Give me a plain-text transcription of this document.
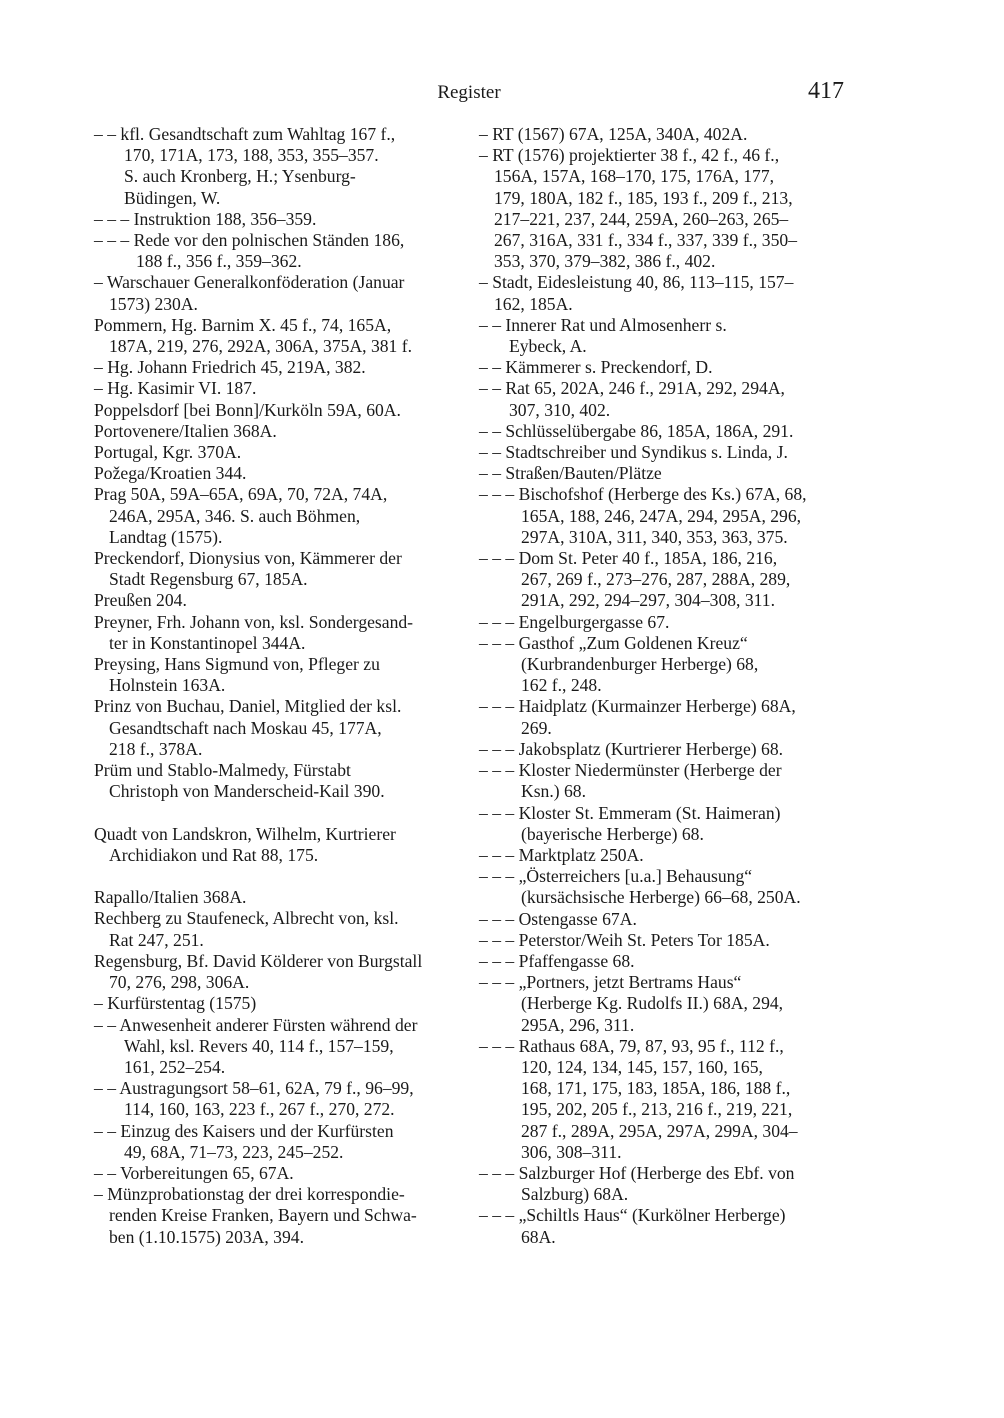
Register	417
– – kfl. Gesandtschaft zum Wahltag 167 f.,
170, 171A, 173, 188, 353, 355–357.
S. auch Kronberg, H.; Ysenburg-
Büdingen, W.
– – – Instruktion 188, 356–359.
– – – Rede vor den polnischen Ständen 186,
188 f., 356 f., 359–362.
– Warschauer Generalkonföderation (Januar
1573) 230A.
Pommern, Hg. Barnim X. 45 f., 74, 165A,
187A, 219, 276, 292A, 306A, 375A, 381 f.
– Hg. Johann Friedrich 45, 219A, 382.
– Hg. Kasimir VI. 187.
Poppelsdorf [bei Bonn]/Kurköln 59A, 60A.
Portovenere/Italien 368A.
Portugal, Kgr. 370A.
Požega/Kroatien 344.
Prag 50A, 59A–65A, 69A, 70, 72A, 74A,
246A, 295A, 346. S. auch Böhmen,
Landtag (1575).
Preckendorf, Dionysius von, Kämmerer der
Stadt Regensburg 67, 185A.
Preußen 204.
Preyner, Frh. Johann von, ksl. Sondergesand-
ter in Konstantinopel 344A.
Preysing, Hans Sigmund von, Pfleger zu
Holnstein 163A.
Prinz von Buchau, Daniel, Mitglied der ksl.
Gesandtschaft nach Moskau 45, 177A,
218 f., 378A.
Prüm und Stablo-Malmedy, Fürstabt
Christoph von Manderscheid-Kail 390.
Quadt von Landskron, Wilhelm, Kurtrierer
Archidiakon und Rat 88, 175.
Rapallo/Italien 368A.
Rechberg zu Staufeneck, Albrecht von, ksl.
Rat 247, 251.
Regensburg, Bf. David Kölderer von Burgstall
70, 276, 298, 306A.
– Kurfürstentag (1575)
– – Anwesenheit anderer Fürsten während der
Wahl, ksl. Revers 40, 114 f., 157–159,
161, 252–254.
– – Austragungsort 58–61, 62A, 79 f., 96–99,
114, 160, 163, 223 f., 267 f., 270, 272.
– – Einzug des Kaisers und der Kurfürsten
49, 68A, 71–73, 223, 245–252.
– – Vorbereitungen 65, 67A.
– Münzprobationstag der drei korrespondie-
renden Kreise Franken, Bayern und Schwa-
ben (1.10.1575) 203A, 394.
– RT (1567) 67A, 125A, 340A, 402A.
– RT (1576) projektierter 38 f., 42 f., 46 f.,
156A, 157A, 168–170, 175, 176A, 177,
179, 180A, 182 f., 185, 193 f., 209 f., 213,
217–221, 237, 244, 259A, 260–263, 265–
267, 316A, 331 f., 334 f., 337, 339 f., 350–
353, 370, 379–382, 386 f., 402.
– Stadt, Eidesleistung 40, 86, 113–115, 157–
162, 185A.
– – Innerer Rat und Almosenherr s.
Eybeck, A.
– – Kämmerer s. Preckendorf, D.
– – Rat 65, 202A, 246 f., 291A, 292, 294A,
307, 310, 402.
– – Schlüsselübergabe 86, 185A, 186A, 291.
– – Stadtschreiber und Syndikus s. Linda, J.
– – Straßen/Bauten/Plätze
– – – Bischofshof (Herberge des Ks.) 67A, 68,
165A, 188, 246, 247A, 294, 295A, 296,
297A, 310A, 311, 340, 353, 363, 375.
– – – Dom St. Peter 40 f., 185A, 186, 216,
267, 269 f., 273–276, 287, 288A, 289,
291A, 292, 294–297, 304–308, 311.
– – – Engelburgergasse 67.
– – – Gasthof „Zum Goldenen Kreuz“
(Kurbrandenburger Herberge) 68,
162 f., 248.
– – – Haidplatz (Kurmainzer Herberge) 68A,
269.
– – – Jakobsplatz (Kurtrierer Herberge) 68.
– – – Kloster Niedermünster (Herberge der
Ksn.) 68.
– – – Kloster St. Emmeram (St. Haimeran)
(bayerische Herberge) 68.
– – – Marktplatz 250A.
– – – „Österreichers [u.a.] Behausung“
(kursächsische Herberge) 66–68, 250A.
– – – Ostengasse 67A.
– – – Peterstor/Weih St. Peters Tor 185A.
– – – Pfaffengasse 68.
– – – „Portners, jetzt Bertrams Haus“
(Herberge Kg. Rudolfs II.) 68A, 294,
295A, 296, 311.
– – – Rathaus 68A, 79, 87, 93, 95 f., 112 f.,
120, 124, 134, 145, 157, 160, 165,
168, 171, 175, 183, 185A, 186, 188 f.,
195, 202, 205 f., 213, 216 f., 219, 221,
287 f., 289A, 295A, 297A, 299A, 304–
306, 308–311.
– – – Salzburger Hof (Herberge des Ebf. von
Salzburg) 68A.
– – – „Schiltls Haus“ (Kurkölner Herberge)
68A.
